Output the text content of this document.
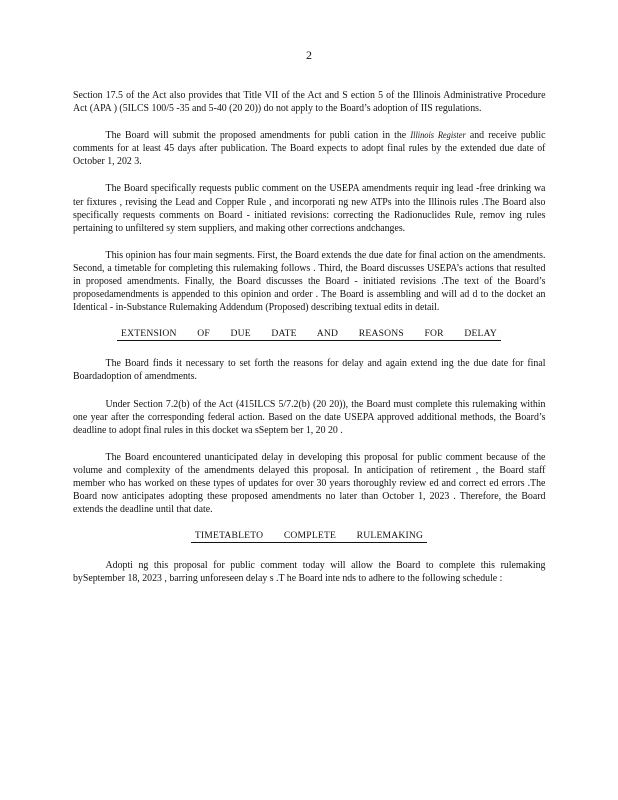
2

Section 17.5 of the Act also provides that Title VII of the Act and S ection 5 of the Illinois Administrative Procedure Act (APA ) (5ILCS 100/5 -35 and 5-40 (20 20)) do not apply to the Board’s adoption of IIS regulations.

The Board will submit the proposed amendments for publi cation in the Illinois Register and receive public comments for at least 45 days after publication. The Board expects to adopt final rules by the extended due date of October 1, 202 3.

The Board specifically requests public comment on the USEPA amendments requir ing lead -free drinking wa ter fixtures , revising the Lead and Copper Rule , and incorporati ng new ATPs into the Illinois rules .The Board also specifically requests comments on Board - initiated revisions: correcting the Radionuclides Rule, remov ing rules pertaining to unfiltered sy stem suppliers, and making other corrections andchanges.

This opinion has four main segments. First, the Board extends the due date for final action on the amendments. Second, a timetable for completing this rulemaking follows . Third, the Board discusses USEPA’s actions that resulted in proposed amendments. Finally, the Board discusses the Board - initiated revisions .The text of the Board’s proposedamendments is appended to this opinion and order . The Board is assembling and will ad d to the docket an Identical - in-Substance Rulemaking Addendum (Proposed) describing textual edits in detail.

EXTENSION OF DUE DATE AND REASONS FOR DELAY

The Board finds it necessary to set forth the reasons for delay and again extend ing the due date for final Boardadoption of amendments.

Under Section 7.2(b) of the Act (415ILCS 5/7.2(b) (20 20)), the Board must complete this rulemaking within one year after the corresponding federal action. Based on the date USEPA approved additional methods, the Board’s deadline to adopt final rules in this docket wa sSeptem ber 1, 20 20 .

The Board encountered unanticipated delay in developing this proposal for public comment because of the volume and complexity of the amendments delayed this proposal. In anticipation of retirement , the Board staff member who has worked on these types of updates for over 30 years thoroughly review ed and correct ed errors .The Board now anticipates adopting these proposed amendments no later than October 1, 2023 . Therefore, the Board extends the deadline until that date.

TIMETABLETO COMPLETE RULEMAKING

Adopti ng this proposal for public comment today will allow the Board to complete this rulemaking bySeptember 18, 2023 , barring unforeseen delay s .T he Board inte nds to adhere to the following schedule :
